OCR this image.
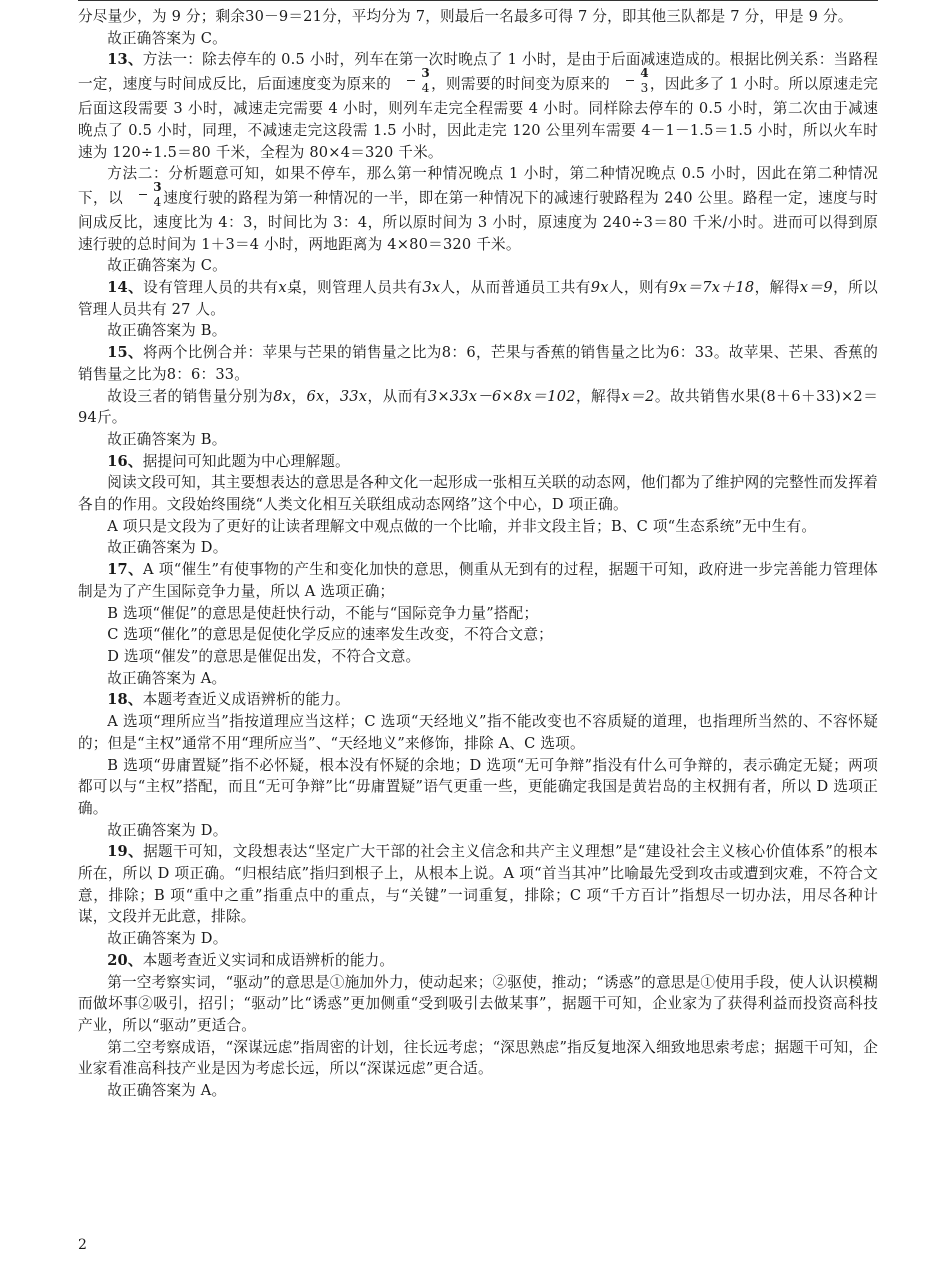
分尽量少，为 9 分；剩余30－9＝21分，平均分为 7，则最后一名最多可得 7 分，即其他三队都是 7 分，甲是 9 分。

故正确答案为 C。

13、方法一：除去停车的 0.5 小时，列车在第一次时晚点了 1 小时，是由于后面减速造成的。根据比例关系：当路程一定，速度与时间成反比，后面速度变为原来的 $\frac{3}{4}$ ，则需要的时间变为原来的 $\frac{4}{3}$ ，因此多了 1 小时。所以原速走完后面这段需要 3 小时，减速走完需要 4 小时，则列车走完全程需要 4 小时。同样除去停车的 0.5 小时，第二次由于减速晚点了 0.5 小时，同理，不减速走完这段需 1.5 小时，因此走完 120 公里列车需要 4－1－1.5＝1.5 小时，所以火车时速为 120÷1.5＝80 千米，全程为 80×4＝320 千米。

方法二：分析题意可知，如果不停车，那么第一种情况晚点 1 小时，第二种情况晚点 0.5 小时，因此在第二种情况下，以 $\frac{3}{4}$ 速度行驶的路程为第一种情况的一半，即在第一种情况下的减速行驶路程为 240 公里。路程一定，速度与时间成反比，速度比为 4：3，时间比为 3：4，所以原时间为 3 小时，原速度为 240÷3＝80 千米/小时。进而可以得到原速行驶的总时间为 1＋3＝4 小时，两地距离为 4×80＝320 千米。

故正确答案为 C。

14、设有管理人员的共有x桌，则管理人员共有3x人，从而普通员工共有9x人，则有9x＝7x＋18，解得x＝9，所以管理人员共有 27 人。

故正确答案为 B。

15、将两个比例合并：苹果与芒果的销售量之比为8：6，芒果与香蕉的销售量之比为6：33。故苹果、芒果、香蕉的销售量之比为8：6：33。

故设三者的销售量分别为8x，6x，33x，从而有3×33x－6×8x＝102，解得x＝2。故共销售水果(8＋6＋33)×2＝94斤。

故正确答案为 B。

16、据提问可知此题为中心理解题。

阅读文段可知，其主要想表达的意思是各种文化一起形成一张相互关联的动态网，他们都为了维护网的完整性而发挥着各自的作用。文段始终围绕“人类文化相互关联组成动态网络”这个中心，D 项正确。

A 项只是文段为了更好的让读者理解文中观点做的一个比喻，并非文段主旨；B、C 项“生态系统”无中生有。

故正确答案为 D。

17、A 项“催生”有使事物的产生和变化加快的意思，侧重从无到有的过程，据题干可知，政府进一步完善能力管理体制是为了产生国际竞争力量，所以 A 选项正确；

B 选项“催促”的意思是使赶快行动，不能与“国际竞争力量”搭配；

C 选项“催化”的意思是促使化学反应的速率发生改变，不符合文意；

D 选项“催发”的意思是催促出发，不符合文意。

故正确答案为 A。

18、本题考查近义成语辨析的能力。

A 选项“理所应当”指按道理应当这样；C 选项“天经地义”指不能改变也不容质疑的道理，也指理所当然的、不容怀疑的；但是“主权”通常不用“理所应当”、“天经地义”来修饰，排除 A、C 选项。

B 选项“毋庸置疑”指不必怀疑，根本没有怀疑的余地；D 选项“无可争辩”指没有什么可争辩的，表示确定无疑；两项都可以与“主权”搭配，而且“无可争辩”比“毋庸置疑”语气更重一些，更能确定我国是黄岩岛的主权拥有者，所以 D 选项正确。

故正确答案为 D。

19、据题干可知，文段想表达“坚定广大干部的社会主义信念和共产主义理想”是“建设社会主义核心价值体系”的根本所在，所以 D 项正确。“归根结底”指归到根子上，从根本上说。A 项“首当其冲”比喻最先受到攻击或遭到灾难，不符合文意，排除；B 项“重中之重”指重点中的重点，与“关键”一词重复，排除；C 项“千方百计”指想尽一切办法，用尽各种计谋，文段并无此意，排除。

故正确答案为 D。

20、本题考查近义实词和成语辨析的能力。

第一空考察实词，“驱动”的意思是①施加外力，使动起来；②驱使，推动；“诱惑”的意思是①使用手段，使人认识模糊而做坏事②吸引，招引；“驱动”比“诱惑”更加侧重“受到吸引去做某事”，据题干可知，企业家为了获得利益而投资高科技产业，所以“驱动”更适合。

第二空考察成语，“深谋远虑”指周密的计划，往长远考虑；“深思熟虑”指反复地深入细致地思索考虑；据题干可知，企业家看准高科技产业是因为考虑长远，所以“深谋远虑”更合适。

故正确答案为 A。

2
